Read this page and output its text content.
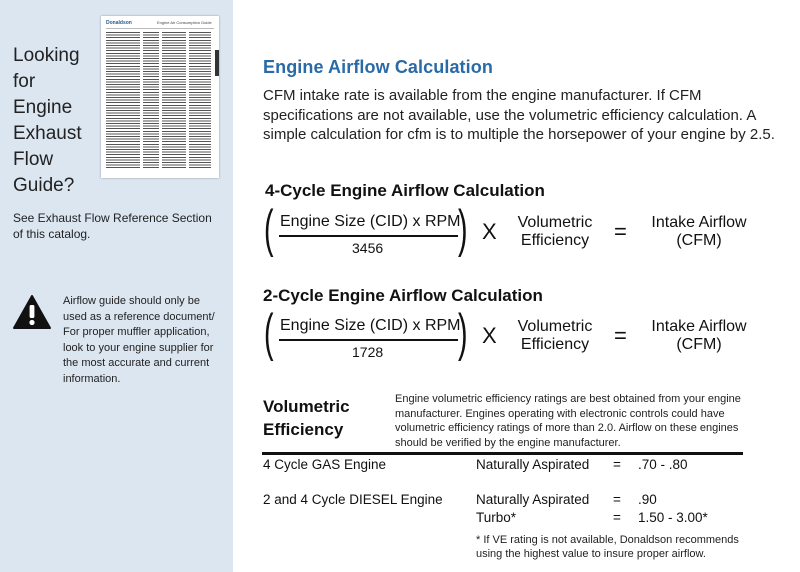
Donaldson	Engine Air Consumption Guide
Looking
for
Engine
Exhaust
Flow
Guide?
See Exhaust Flow Reference Section of this catalog.
Airflow guide should only be used as a reference document/ For proper muffler application, look to your engine supplier for the most accurate and current information.
Engine Airflow Calculation
CFM intake rate is available from the engine manufacturer. If CFM specifications are not available, use the volumetric efficiency calculation. A simple calculation for cfm is to multiple the horsepower of your engine by 2.5.
4-Cycle Engine Airflow Calculation
( Engine Size (CID) x RPM
3456 ) X	Volumetric
Efficiency	=	Intake Airflow
(CFM)
2-Cycle Engine Airflow Calculation
( Engine Size (CID) x RPM
1728 ) X	Volumetric
Efficiency	=	Intake Airflow
(CFM)
Volumetric
Efficiency
Engine volumetric efficiency ratings are best obtained from your engine manufacturer. Engines operating with electronic controls could have volumetric efficiency ratings of more than 2.0. Airflow on these engines should be verified by the engine manufacturer.
4 Cycle GAS Engine	Naturally Aspirated = .70 - .80
2 and 4 Cycle DIESEL Engine Naturally Aspirated = .90
Turbo*	= 1.50 - 3.00*
* If VE rating is not available, Donaldson recommends using the highest value to insure proper airflow.
